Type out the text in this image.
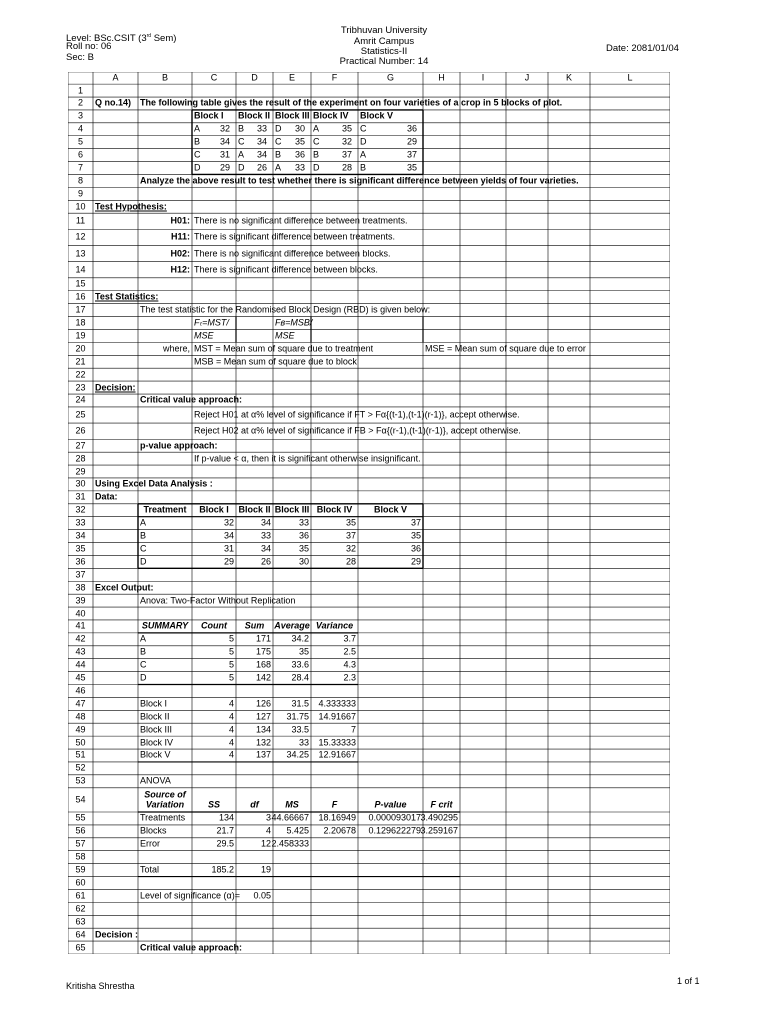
Level: BSc.CSIT (3rd Sem)
Roll no: 06
Sec: B
Tribhuvan University
Amrit Campus
Statistics-II
Practical Number: 14
Date: 2081/01/04
A	B	C	D	E	F	G	H	I	J	K	L
1
2
3
4
5
6
7
8
9
10
11
12
13
14
15
16
17
18
19
20
21
22
23
24
25
26
27
28
29
30
31
32
33
34
35
36
37
38
39
40
41
42
43
44
45
46
47
48
49
50
51
52
53
54
55
56
57
58
59
60
61
62
63
64
65
Q no.14) The following table gives the result of the experiment on four varieties of a crop in 5 blocks of plot.
Block I Block II Block III Block IV Block V
A 32 B 33 D 30 A	35 C	36
B 34 C 34 C 35 C 32 D	29
C 31 A 34 B 36 B	37 A	37
D 29 D 26 A 33 D 28 B	35
Analyze the above result to test whether there is significant difference between yields of four varieties.
Test Hypothesis:
H01: There is no significant difference between treatments.
H11: There is significant difference between treatments.
H02: There is no significant difference between blocks.
H12: There is significant difference between blocks.
Test Statistics:
The test statistic for the Randomised Block Design (RBD) is given below:
Fₜ=MST/
MSE
Fʙ=MSB/
MSE
where, MST = Mean sum of square due to treatment	MSE = Mean sum of square due to error
MSB = Mean sum of square due to block
Decision:
Critical value approach:
Reject H01 at α% level of significance if FT > Fα{(t-1),(t-1)(r-1)}, accept otherwise.
Reject H02 at α% level of significance if FB > Fα{(r-1),(t-1)(r-1)}, accept otherwise.
p-value approach:
If p-value < α, then it is significant otherwise insignificant.
Using Excel Data Analysis :
Data:
Treatment Block I Block II Block III Block IV Block V
A	32	34	33	35	37
B	34	33	36	37	35
C	31	34	35	32	36
D	29	26	30	28	29
Excel Output:
Anova: Two-Factor Without Replication
SUMMARY Count Sum Average Variance
A	5 171 34.2	3.7
B	5 175	35	2.5
C	5 168 33.6	4.3
D	5 142 28.4	2.3
Block I	4 126 31.5 4.333333
Block II	4 127 31.75 14.91667
Block III	4 134 33.5	7
Block IV	4 132	33 15.33333
Block V	4 137 34.25 12.91667
ANOVA
Source of
Variation	SS	df	MS	F	P-value	F crit
Treatments	134	3 44.66667 18.16949 0.000093017 3.490295
Blocks	21.7	4 5.425 2.20678 0.129622279 3.259167
Error	29.5	12 2.458333
Total	185.2	19
Level of significance (α)= 0.05
Decision :
Critical value approach:
Kritisha Shrestha	1 of 1
